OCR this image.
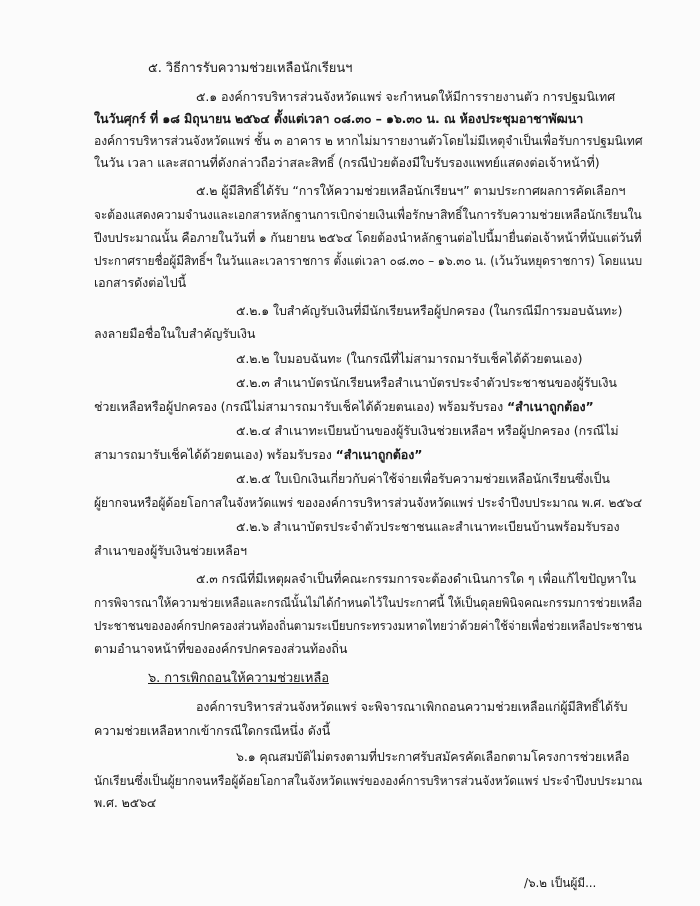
๕. วิธีการรับความช่วยเหลือนักเรียนฯ
๕.๑ องค์การบริหารส่วนจังหวัดแพร่ จะกำหนดให้มีการรายงานตัว การปฐมนิเทศ
ในวันศุกร์ ที่ ๑๘ มิถุนายน ๒๕๖๔ ตั้งแต่เวลา ๐๘.๓๐ – ๑๖.๓๐ น. ณ ห้องประชุมอาชาพัฒนา
องค์การบริหารส่วนจังหวัดแพร่ ชั้น ๓ อาคาร ๒ หากไม่มารายงานตัวโดยไม่มีเหตุจำเป็นเพื่อรับการปฐมนิเทศ
ในวัน เวลา และสถานที่ดังกล่าวถือว่าสละสิทธิ์ (กรณีป่วยต้องมีใบรับรองแพทย์แสดงต่อเจ้าหน้าที่)
๕.๒ ผู้มีสิทธิ์ได้รับ “การให้ความช่วยเหลือนักเรียนฯ” ตามประกาศผลการคัดเลือกฯ
จะต้องแสดงความจำนงและเอกสารหลักฐานการเบิกจ่ายเงินเพื่อรักษาสิทธิ์ในการรับความช่วยเหลือนักเรียนใน
ปีงบประมาณนั้น คือภายในวันที่ ๑ กันยายน ๒๕๖๔ โดยต้องนำหลักฐานต่อไปนี้มายื่นต่อเจ้าหน้าที่นับแต่วันที่
ประกาศรายชื่อผู้มีสิทธิ์ฯ ในวันและเวลาราชการ ตั้งแต่เวลา ๐๘.๓๐ – ๑๖.๓๐ น. (เว้นวันหยุดราชการ) โดยแนบ
เอกสารดังต่อไปนี้
๕.๒.๑ ใบสำคัญรับเงินที่มีนักเรียนหรือผู้ปกครอง (ในกรณีมีการมอบฉันทะ)
ลงลายมือชื่อในใบสำคัญรับเงิน
๕.๒.๒ ใบมอบฉันทะ (ในกรณีที่ไม่สามารถมารับเช็คได้ด้วยตนเอง)
๕.๒.๓ สำเนาบัตรนักเรียนหรือสำเนาบัตรประจำตัวประชาชนของผู้รับเงิน
ช่วยเหลือหรือผู้ปกครอง (กรณีไม่สามารถมารับเช็คได้ด้วยตนเอง) พร้อมรับรอง “สำเนาถูกต้อง”
๕.๒.๔ สำเนาทะเบียนบ้านของผู้รับเงินช่วยเหลือฯ หรือผู้ปกครอง (กรณีไม่
สามารถมารับเช็คได้ด้วยตนเอง) พร้อมรับรอง “สำเนาถูกต้อง”
๕.๒.๕ ใบเบิกเงินเกี่ยวกับค่าใช้จ่ายเพื่อรับความช่วยเหลือนักเรียนซึ่งเป็น
ผู้ยากจนหรือผู้ด้อยโอกาสในจังหวัดแพร่ ขององค์การบริหารส่วนจังหวัดแพร่ ประจำปีงบประมาณ พ.ศ. ๒๕๖๔
๕.๒.๖ สำเนาบัตรประจำตัวประชาชนและสำเนาทะเบียนบ้านพร้อมรับรอง
สำเนาของผู้รับเงินช่วยเหลือฯ
๕.๓ กรณีที่มีเหตุผลจำเป็นที่คณะกรรมการจะต้องดำเนินการใด ๆ เพื่อแก้ไขปัญหาใน
การพิจารณาให้ความช่วยเหลือและกรณีนั้นไม่ได้กำหนดไว้ในประกาศนี้ ให้เป็นดุลยพินิจคณะกรรมการช่วยเหลือ
ประชาชนขององค์กรปกครองส่วนท้องถิ่นตามระเบียบกระทรวงมหาดไทยว่าด้วยค่าใช้จ่ายเพื่อช่วยเหลือประชาชน
ตามอำนาจหน้าที่ขององค์กรปกครองส่วนท้องถิ่น
๖. การเพิกถอนให้ความช่วยเหลือ
องค์การบริหารส่วนจังหวัดแพร่ จะพิจารณาเพิกถอนความช่วยเหลือแก่ผู้มีสิทธิ์ได้รับ
ความช่วยเหลือหากเข้ากรณีใดกรณีหนึ่ง ดังนี้
๖.๑ คุณสมบัติไม่ตรงตามที่ประกาศรับสมัครคัดเลือกตามโครงการช่วยเหลือ
นักเรียนซึ่งเป็นผู้ยากจนหรือผู้ด้อยโอกาสในจังหวัดแพร่ขององค์การบริหารส่วนจังหวัดแพร่ ประจำปีงบประมาณ
พ.ศ. ๒๕๖๔
/๖.๒ เป็นผู้มี...
